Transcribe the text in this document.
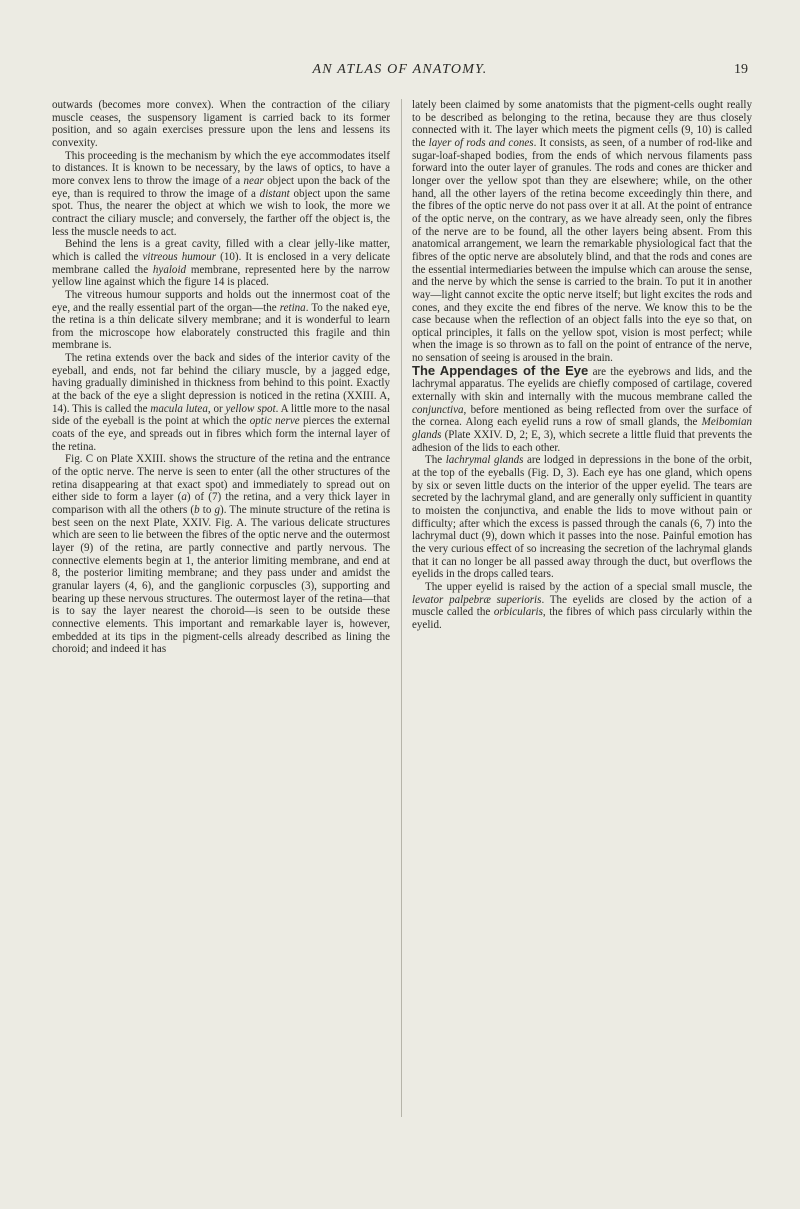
AN ATLAS OF ANATOMY.	19

outwards (becomes more convex). When the contraction of the ciliary muscle ceases, the suspensory ligament is carried back to its former position, and so again exercises pressure upon the lens and lessens its convexity.

This proceeding is the mechanism by which the eye accommodates itself to distances. It is known to be necessary, by the laws of optics, to have a more convex lens to throw the image of a near object upon the back of the eye, than is required to throw the image of a distant object upon the same spot. Thus, the nearer the object at which we wish to look, the more we contract the ciliary muscle; and conversely, the farther off the object is, the less the muscle needs to act.

Behind the lens is a great cavity, filled with a clear jelly-like matter, which is called the vitreous humour (10). It is enclosed in a very delicate membrane called the hyaloid membrane, represented here by the narrow yellow line against which the figure 14 is placed.

The vitreous humour supports and holds out the innermost coat of the eye, and the really essential part of the organ—the retina. To the naked eye, the retina is a thin delicate silvery membrane; and it is wonderful to learn from the microscope how elaborately constructed this fragile and thin membrane is.

The retina extends over the back and sides of the interior cavity of the eyeball, and ends, not far behind the ciliary muscle, by a jagged edge, having gradually diminished in thickness from behind to this point. Exactly at the back of the eye a slight depression is noticed in the retina (XXIII. A, 14). This is called the macula lutea, or yellow spot. A little more to the nasal side of the eyeball is the point at which the optic nerve pierces the external coats of the eye, and spreads out in fibres which form the internal layer of the retina.

Fig. C on Plate XXIII. shows the structure of the retina and the entrance of the optic nerve. The nerve is seen to enter (all the other structures of the retina disappearing at that exact spot) and immediately to spread out on either side to form a layer (a) of (7) the retina, and a very thick layer in comparison with all the others (b to g). The minute structure of the retina is best seen on the next Plate, XXIV. Fig. A. The various delicate structures which are seen to lie between the fibres of the optic nerve and the outermost layer (9) of the retina, are partly connective and partly nervous. The connective elements begin at 1, the anterior limiting membrane, and end at 8, the posterior limiting membrane; and they pass under and amidst the granular layers (4, 6), and the ganglionic corpuscles (3), supporting and bearing up these nervous structures. The outermost layer of the retina—that is to say the layer nearest the choroid—is seen to be outside these connective elements. This important and remarkable layer is, however, embedded at its tips in the pigment-cells already described as lining the choroid; and indeed it has

lately been claimed by some anatomists that the pigment-cells ought really to be described as belonging to the retina, because they are thus closely connected with it. The layer which meets the pigment cells (9, 10) is called the layer of rods and cones. It consists, as seen, of a number of rod-like and sugar-loaf-shaped bodies, from the ends of which nervous filaments pass forward into the outer layer of granules. The rods and cones are thicker and longer over the yellow spot than they are elsewhere; while, on the other hand, all the other layers of the retina become exceedingly thin there, and the fibres of the optic nerve do not pass over it at all. At the point of entrance of the optic nerve, on the contrary, as we have already seen, only the fibres of the nerve are to be found, all the other layers being absent. From this anatomical arrangement, we learn the remarkable physiological fact that the fibres of the optic nerve are absolutely blind, and that the rods and cones are the essential intermediaries between the impulse which can arouse the sense, and the nerve by which the sense is carried to the brain. To put it in another way—light cannot excite the optic nerve itself; but light excites the rods and cones, and they excite the end fibres of the nerve. We know this to be the case because when the reflection of an object falls into the eye so that, on optical principles, it falls on the yellow spot, vision is most perfect; while when the image is so thrown as to fall on the point of entrance of the nerve, no sensation of seeing is aroused in the brain.

The Appendages of the Eye are the eyebrows and lids, and the lachrymal apparatus. The eyelids are chiefly composed of cartilage, covered externally with skin and internally with the mucous membrane called the conjunctiva, before mentioned as being reflected from over the surface of the cornea. Along each eyelid runs a row of small glands, the Meibomian glands (Plate XXIV. D, 2; E, 3), which secrete a little fluid that prevents the adhesion of the lids to each other.

The lachrymal glands are lodged in depressions in the bone of the orbit, at the top of the eyeballs (Fig. D, 3). Each eye has one gland, which opens by six or seven little ducts on the interior of the upper eyelid. The tears are secreted by the lachrymal gland, and are generally only sufficient in quantity to moisten the conjunctiva, and enable the lids to move without pain or difficulty; after which the excess is passed through the canals (6, 7) into the lachrymal duct (9), down which it passes into the nose. Painful emotion has the very curious effect of so increasing the secretion of the lachrymal glands that it can no longer be all passed away through the duct, but overflows the eyelids in the drops called tears.

The upper eyelid is raised by the action of a special small muscle, the levator palpebræ superioris. The eyelids are closed by the action of a muscle called the orbicularis, the fibres of which pass circularly within the eyelid.
